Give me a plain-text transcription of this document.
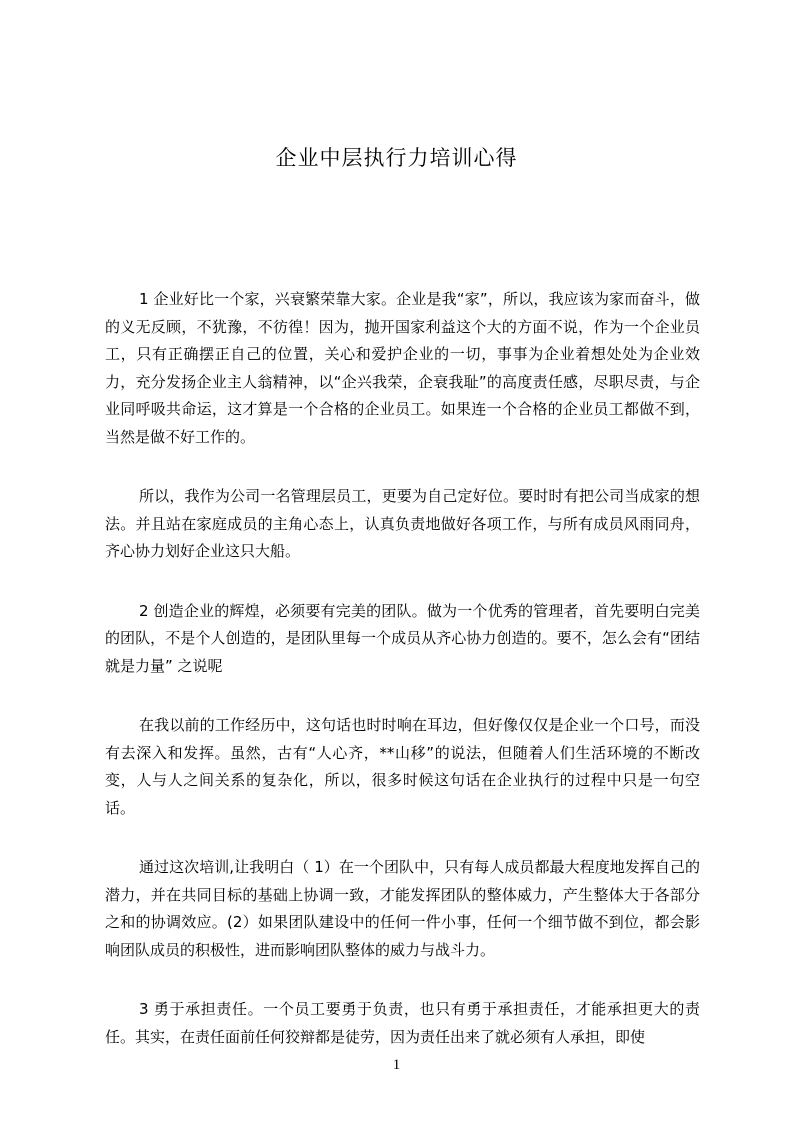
企业中层执行力培训心得

1 企业好比一个家，兴衰繁荣靠大家。企业是我“家”，所以，我应该为家而奋斗，做的义无反顾，不犹豫，不彷徨！因为，抛开国家利益这个大的方面不说，作为一个企业员工，只有正确摆正自己的位置，关心和爱护企业的一切，事事为企业着想处处为企业效力，充分发扬企业主人翁精神，以“企兴我荣，企衰我耻”的高度责任感，尽职尽责，与企业同呼吸共命运，这才算是一个合格的企业员工。如果连一个合格的企业员工都做不到，当然是做不好工作的。

所以，我作为公司一名管理层员工，更要为自己定好位。要时时有把公司当成家的想法。并且站在家庭成员的主角心态上，认真负责地做好各项工作，与所有成员风雨同舟，齐心协力划好企业这只大船。

2 创造企业的辉煌，必须要有完美的团队。做为一个优秀的管理者，首先要明白完美的团队，不是个人创造的，是团队里每一个成员从齐心协力创造的。要不，怎么会有“团结就是力量” 之说呢

在我以前的工作经历中，这句话也时时响在耳边，但好像仅仅是企业一个口号，而没有去深入和发挥。虽然，古有“人心齐，**山移”的说法，但随着人们生活环境的不断改变，人与人之间关系的复杂化，所以，很多时候这句话在企业执行的过程中只是一句空话。

通过这次培训,让我明白（ 1）在一个团队中，只有每人成员都最大程度地发挥自己的潜力，并在共同目标的基础上协调一致，才能发挥团队的整体威力，产生整体大于各部分之和的协调效应。(2）如果团队建设中的任何一件小事，任何一个细节做不到位，都会影响团队成员的积极性，进而影响团队整体的威力与战斗力。

3 勇于承担责任。一个员工要勇于负责，也只有勇于承担责任，才能承担更大的责任。其实，在责任面前任何狡辩都是徒劳，因为责任出来了就必须有人承担，即使

1
